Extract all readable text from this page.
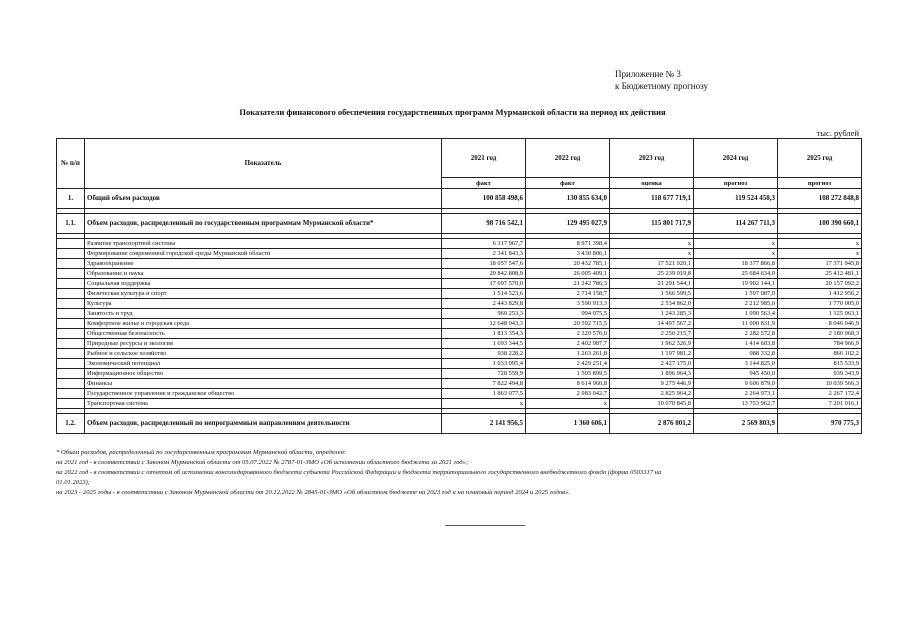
Приложение № 3
к Бюджетному прогнозу
Показатели финансового обеспечения государственных программ Мурманской области на период их действия
тыс. рублей
№ п/п	Показатель	2021 год	2022 год	2023 год	2024 год	2025 год
		факт	факт	оценка	прогноз	прогноз
1.	Общий объем расходов	100 858 498,6	130 855 634,0	118 677 719,1	119 524 450,3	108 272 848,8

1.1.	Объем расходов, распределенный по государственным программам Мурманской области*	98 716 542,1	129 495 027,9	115 801 717,9	114 267 711,3	100 390 660,1

	Развитие транспортной системы	6 317 967,7	8 971 398,4	x	x	x
	Формирование современной городской среды Мурманской области	2 341 843,3	3 430 806,1	x	x	x
	Здравоохранение	18 057 547,6	20 432 785,1	17 521 920,1	18 377 866,8	17 371 945,8
	Образование и наука	20 842 808,9	26 005 409,1	25 239 019,8	25 684 634,0	25 412 481,1
	Социальная поддержка	17 697 570,0	21 242 786,3	21 291 544,1	19 902 144,1	20 157 092,2
	Физическая культура и спорт	1 514 523,6	2 714 158,7	1 566 599,5	1 597 087,0	1 412 956,2
	Культура	2 443 829,8	3 590 913,3	2 534 862,0	2 212 985,0	1 770 005,0
	Занятость и труд	960 253,3	994 075,5	1 243 285,3	1 090 563,4	1 125 063,1
	Комфортное жилье и городская среда	12 648 043,3	20 592 715,5	14 497 567,2	11 000 831,9	8 046 046,9
	Общественная безопасность	1 813 354,3	2 320 576,0	2 250 215,7	2 282 572,8	2 180 968,3
	Природные ресурсы и экология	1 693 344,5	2 402 987,7	1 962 326,9	1 414 603,8	784 966,9
	Рыбное и сельское хозяйство	938 228,2	1 263 261,8	1 197 981,2	988 332,8	866 102,2
	Экономический потенциал	1 033 095,4	2 429 251,4	2 427 175,0	3 144 825,0	815 533,9
	Информационное общество	728 559,9	1 505 899,5	1 896 964,3	945 450,0	939 343,9
	Финансы	7 822 494,8	8 614 960,8	9 275 446,9	9 606 879,0	10 039 566,3
	Государственное управление и гражданское общество	1 863 077,5	2 983 042,7	2 825 964,2	2 264 973,1	2 267 172,4
	Транспортная система	x	x	10 070 845,8	13 753 962,7	7 201 016,1

1.2.	Объем расходов, распределенный по непрограммным направлениям деятельности	2 141 956,5	1 360 606,1	2 876 001,2	2 569 803,9	970 775,3
* Объем расходов, распределенный по государственным программам Мурманской области, определен:
на 2021 год - в соответствии с Законом Мурманской области от 05.07.2022 № 2787-01-ЗМО «Об исполнении областного бюджета за 2021 год»;
на 2022 год - в соответствии с отчетом об исполнении консолидированного бюджета субъекта Российской Федерации и бюджета территориального государственного внебюджетного фонда (форма 0503317 на
01.01.2023);
на 2023 - 2025 годы - в соответствии с Законом Мурманской области от 20.12.2022 № 2845-01-ЗМО «Об областном бюджете на 2023 год и на плановый период 2024 и 2025 годов».
